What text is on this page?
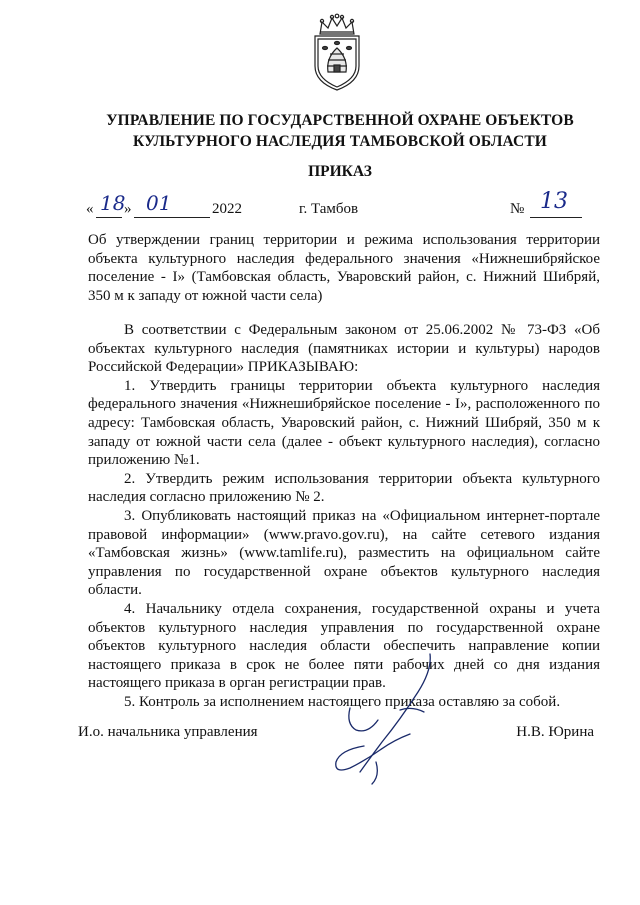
УПРАВЛЕНИЕ ПО ГОСУДАРСТВЕННОЙ ОХРАНЕ ОБЪЕКТОВ
КУЛЬТУРНОГО НАСЛЕДИЯ ТАМБОВСКОЙ ОБЛАСТИ
ПРИКАЗ
« 18
» 01	2022	г. Тамбов	№ 13
Об утверждении границ территории и режима использования территории объекта культурного наследия федерального значения «Нижнешибряйское поселение - I» (Тамбовская область, Уваровский район, с. Нижний Шибряй, 350 м к западу от южной части села)

В соответствии с Федеральным законом от 25.06.2002 № 73-ФЗ «Об объектах культурного наследия (памятниках истории и культуры) народов Российской Федерации» ПРИКАЗЫВАЮ:

1. Утвердить границы территории объекта культурного наследия федерального значения «Нижнешибряйское поселение - I», расположенного по адресу: Тамбовская область, Уваровский район, с. Нижний Шибряй, 350 м к западу от южной части села (далее - объект культурного наследия), согласно приложению №1.

2. Утвердить режим использования территории объекта культурного наследия согласно приложению № 2.

3. Опубликовать настоящий приказ на «Официальном интернет-портале правовой информации» (www.pravo.gov.ru), на сайте сетевого издания «Тамбовская жизнь» (www.tamlife.ru), разместить на официальном сайте управления по государственной охране объектов культурного наследия области.

4. Начальнику отдела сохранения, государственной охраны и учета объектов культурного наследия управления по государственной охране объектов культурного наследия области обеспечить направление копии настоящего приказа в срок не более пяти рабочих дней со дня издания настоящего приказа в орган регистрации прав.

5. Контроль за исполнением настоящего приказа оставляю за собой.

И.о. начальника управления	Н.В. Юрина
